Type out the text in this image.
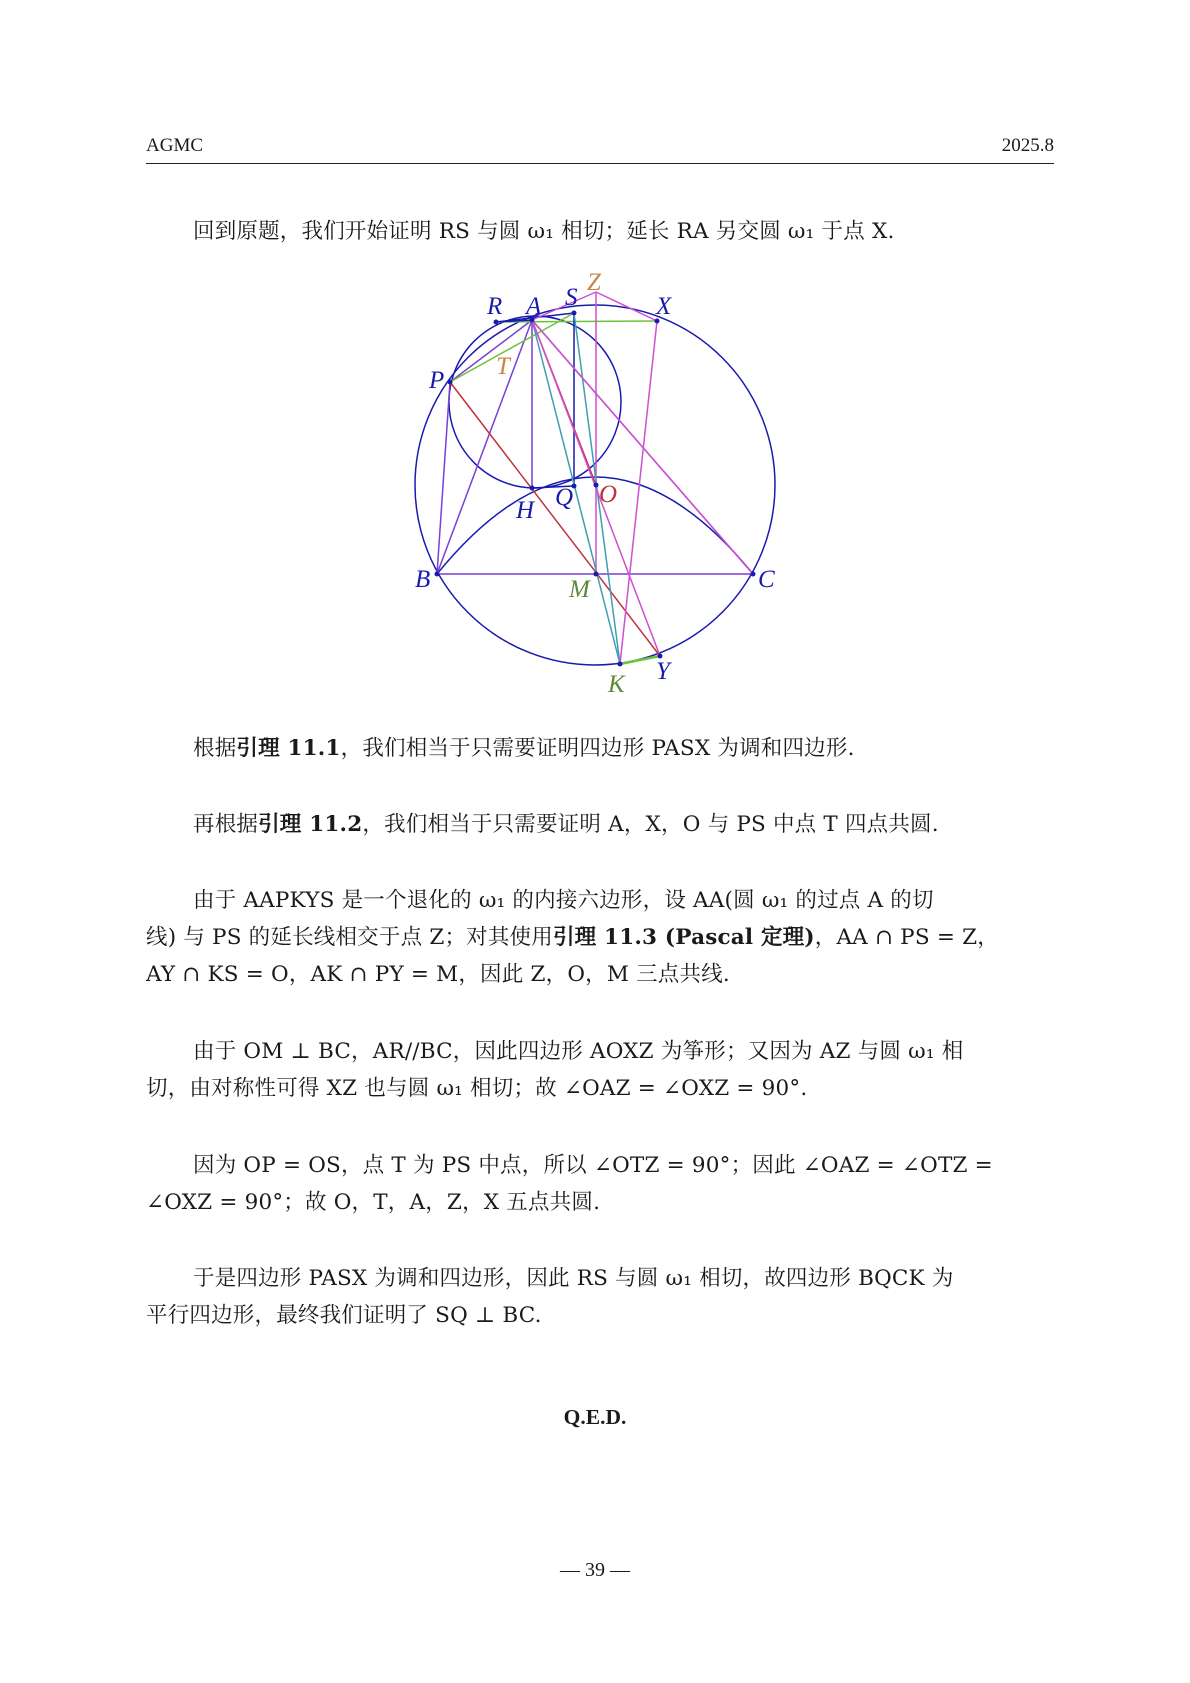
AGMC	2025.8
回到原题，我们开始证明 RS 与圆 ω₁ 相切；延长 RA 另交圆 ω₁ 于点 X.
R A S
Z
X
P
T
H Q O
B	C
M
K Y
根据引理 11.1，我们相当于只需要证明四边形 PASX 为调和四边形.
再根据引理 11.2，我们相当于只需要证明 A，X，O 与 PS 中点 T 四点共圆.
由于 AAPKYS 是一个退化的 ω₁ 的内接六边形，设 AA(圆 ω₁ 的过点 A 的切
线) 与 PS 的延长线相交于点 Z；对其使用引理 11.3 (Pascal 定理)，AA ∩ PS = Z，
AY ∩ KS = O，AK ∩ PY = M，因此 Z，O，M 三点共线.
由于 OM ⊥ BC，AR//BC，因此四边形 AOXZ 为筝形；又因为 AZ 与圆 ω₁ 相
切，由对称性可得 XZ 也与圆 ω₁ 相切；故 ∠OAZ = ∠OXZ = 90°.
因为 OP = OS，点 T 为 PS 中点，所以 ∠OTZ = 90°；因此 ∠OAZ = ∠OTZ =
∠OXZ = 90°；故 O，T，A，Z，X 五点共圆.
于是四边形 PASX 为调和四边形，因此 RS 与圆 ω₁ 相切，故四边形 BQCK 为
平行四边形，最终我们证明了 SQ ⊥ BC.
Q.E.D.
— 39 —
